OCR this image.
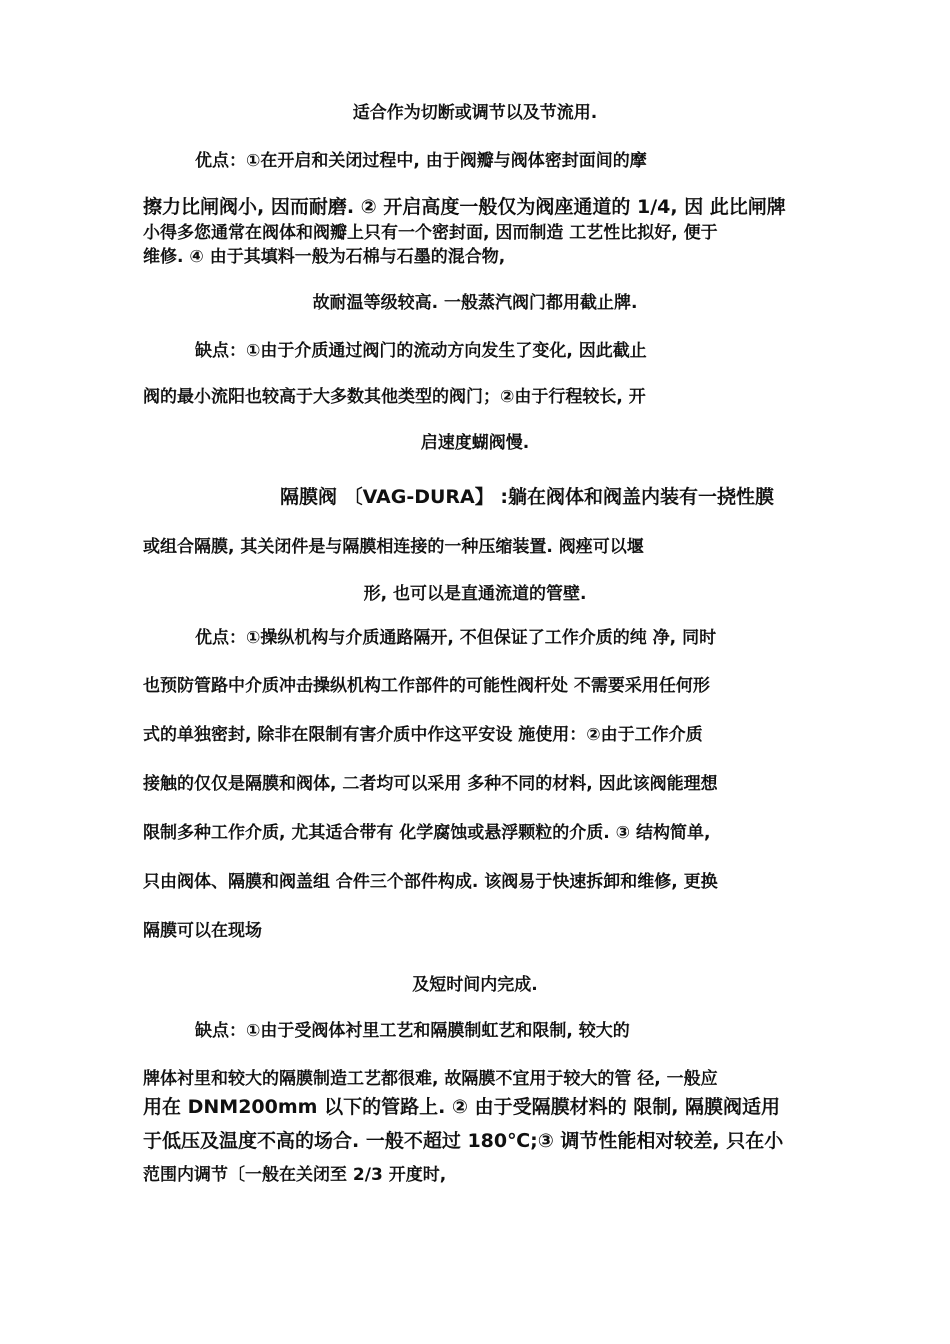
适合作为切断或调节以及节流用.
优点：①在开启和关闭过程中, 由于阀瓣与阀体密封面间的摩
擦力比闸阀小, 因而耐磨. ② 开启高度一般仅为阀座通道的 1/4, 因 此比闸牌
小得多您通常在阀体和阀瓣上只有一个密封面, 因而制造 工艺性比拟好, 便于
维修. ④ 由于其填料一般为石棉与石墨的混合物,
故耐温等级较高. 一般蒸汽阀门都用截止牌.
缺点：①由于介质通过阀门的流动方向发生了变化, 因此截止
阀的最小流阳也较高于大多数其他类型的阀门；②由于行程较长, 开
启速度蝴阀慢.
隔膜阀 〔VAG-DURA】 :躺在阀体和阀盖内装有一挠性膜
或组合隔膜, 其关闭件是与隔膜相连接的一种压缩装置. 阀痤可以堰
形, 也可以是直通流道的管壁.
优点：①操纵机构与介质通路隔开, 不但保证了工作介质的纯 净, 同时
也预防管路中介质冲击操纵机构工作部件的可能性阀杆处 不需要采用任何形
式的单独密封, 除非在限制有害介质中作这平安设 施使用：②由于工作介质
接触的仅仅是隔膜和阀体, 二者均可以采用 多种不同的材料, 因此该阀能理想
限制多种工作介质, 尤其适合带有 化学腐蚀或悬浮颗粒的介质. ③ 结构简单,
只由阀体、隔膜和阀盖组 合件三个部件构成. 该阀易于快速拆卸和维修, 更换
隔膜可以在现场
及短时间内完成.
缺点：①由于受阀体衬里工艺和隔膜制虹艺和限制, 较大的
牌体衬里和较大的隔膜制造工艺都很难, 故隔膜不宜用于较大的管 径, 一般应
用在 DNM200mm 以下的管路上. ② 由于受隔膜材料的 限制, 隔膜阀适用
于低压及温度不高的场合. 一般不超过 180℃;③ 调节性能相对较差, 只在小
范围内调节〔一般在关闭至 2/3 开度时,
